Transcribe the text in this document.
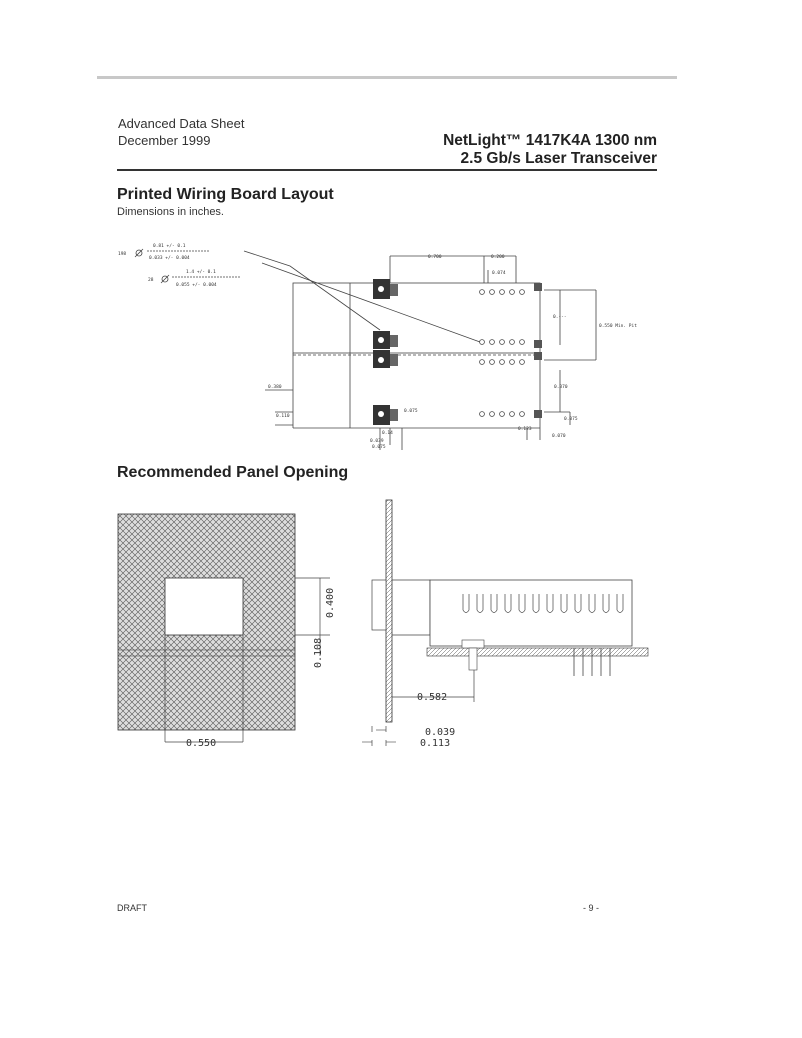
Advanced Data Sheet
December 1999	NetLight™ 1417K4A 1300 nm
2.5 Gb/s Laser Transceiver
Printed Wiring Board Layout
Dimensions in inches.
198
0.81 +/- 0.1
0.033 +/- 0.004
28
1.4 +/- 0.1
0.055 +/- 0.004
0.700	0.200
0.074
0.550 Min. Pit
0.---
0.380
0.110
0.075
0.14
0.039
0.075
0.370
0.075
0.123
0.070
Recommended Panel Opening
0.400
0.108
0.550
0.582
0.039
0.113
DRAFT	- 9 -
